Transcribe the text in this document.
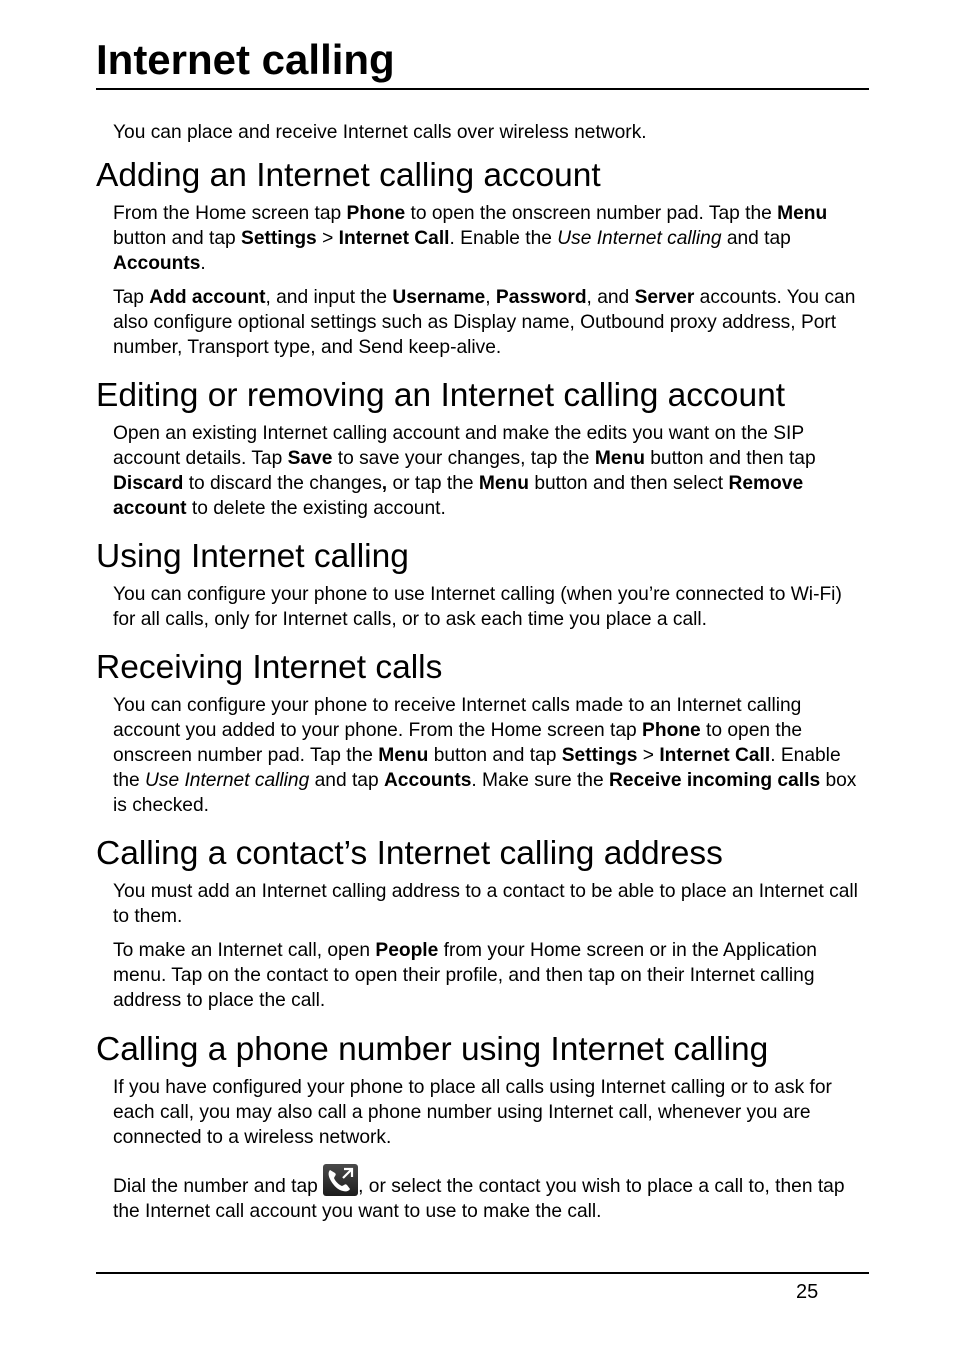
Internet calling

You can place and receive Internet calls over wireless network.

Adding an Internet calling account

From the Home screen tap Phone to open the onscreen number pad. Tap the Menu button and tap Settings > Internet Call. Enable the Use Internet calling and tap Accounts.

Tap Add account, and input the Username, Password, and Server accounts. You can also configure optional settings such as Display name, Outbound proxy address, Port number, Transport type, and Send keep-alive.

Editing or removing an Internet calling account

Open an existing Internet calling account and make the edits you want on the SIP account details. Tap Save to save your changes, tap the Menu button and then tap Discard to discard the changes, or tap the Menu button and then select Remove account to delete the existing account.

Using Internet calling

You can configure your phone to use Internet calling (when you’re connected to Wi-Fi) for all calls, only for Internet calls, or to ask each time you place a call.

Receiving Internet calls

You can configure your phone to receive Internet calls made to an Internet calling account you added to your phone. From the Home screen tap Phone to open the onscreen number pad. Tap the Menu button and tap Settings > Internet Call. Enable the Use Internet calling and tap Accounts. Make sure the Receive incoming calls box is checked.

Calling a contact’s Internet calling address

You must add an Internet calling address to a contact to be able to place an Internet call to them.

To make an Internet call, open People from your Home screen or in the Application menu. Tap on the contact to open their profile, and then tap on their Internet calling address to place the call.

Calling a phone number using Internet calling

If you have configured your phone to place all calls using Internet calling or to ask for each call, you may also call a phone number using Internet call, whenever you are connected to a wireless network.

Dial the number and tap
, or select the contact you wish to place a call to, then tap the Internet call account you want to use to make the call.

25
